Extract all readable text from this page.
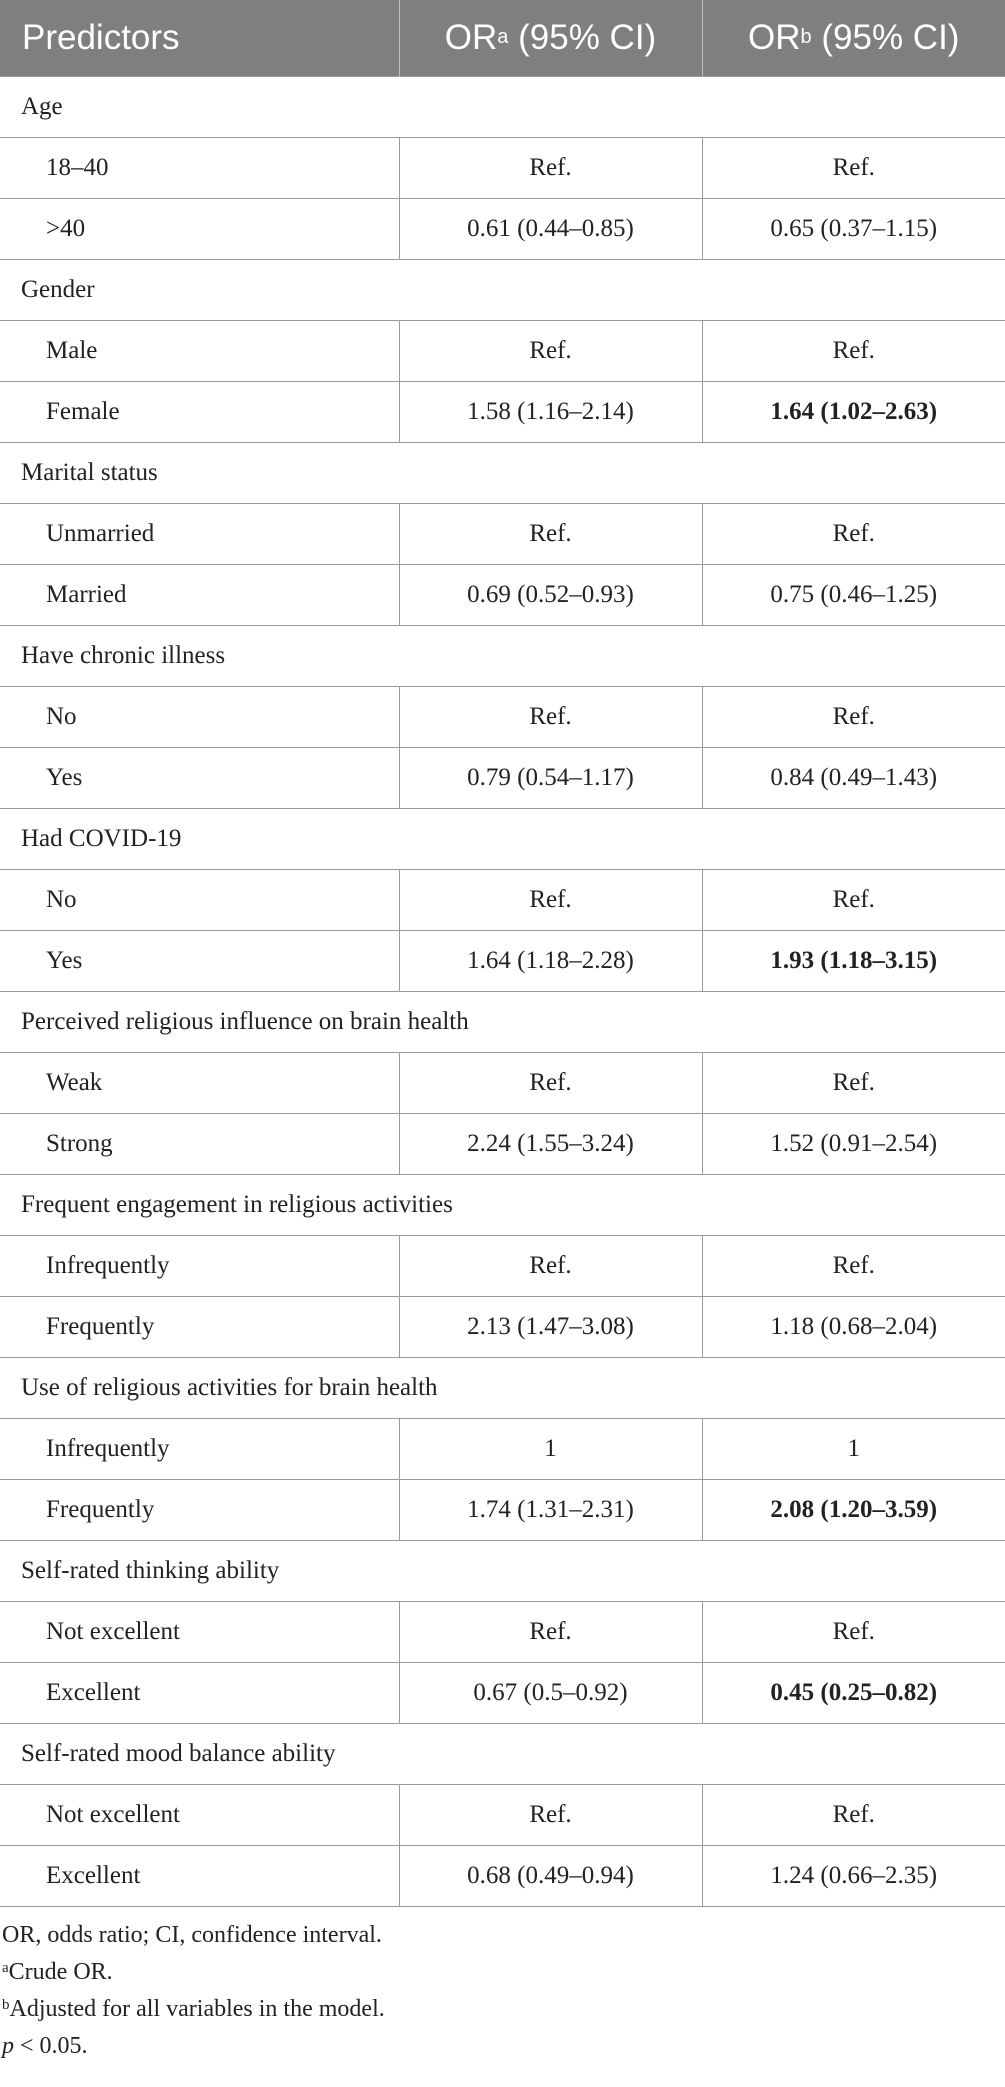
Predictors	$OR^a$ (95% CI)	$OR^b$ (95% CI)
Age		
18–40	Ref.	Ref.
>40	0.61 (0.44–0.85)	0.65 (0.37–1.15)
Gender		
Male	Ref.	Ref.
Female	1.58 (1.16–2.14)	1.64 (1.02–2.63)
Marital status		
Unmarried	Ref.	Ref.
Married	0.69 (0.52–0.93)	0.75 (0.46–1.25)
Have chronic illness		
No	Ref.	Ref.
Yes	0.79 (0.54–1.17)	0.84 (0.49–1.43)
Had COVID-19		
No	Ref.	Ref.
Yes	1.64 (1.18–2.28)	1.93 (1.18–3.15)
Perceived religious influence on brain health		
Weak	Ref.	Ref.
Strong	2.24 (1.55–3.24)	1.52 (0.91–2.54)
Frequent engagement in religious activities		
Infrequently	Ref.	Ref.
Frequently	2.13 (1.47–3.08)	1.18 (0.68–2.04)
Use of religious activities for brain health		
Infrequently	1	1
Frequently	1.74 (1.31–2.31)	2.08 (1.20–3.59)
Self-rated thinking ability		
Not excellent	Ref.	Ref.
Excellent	0.67 (0.5–0.92)	0.45 (0.25–0.82)
Self-rated mood balance ability		
Not excellent	Ref.	Ref.
Excellent	0.68 (0.49–0.94)	1.24 (0.66–2.35)
OR, odds ratio; CI, confidence interval.
$^a$Crude OR.
$^b$Adjusted for all variables in the model.
p < 0.05.
